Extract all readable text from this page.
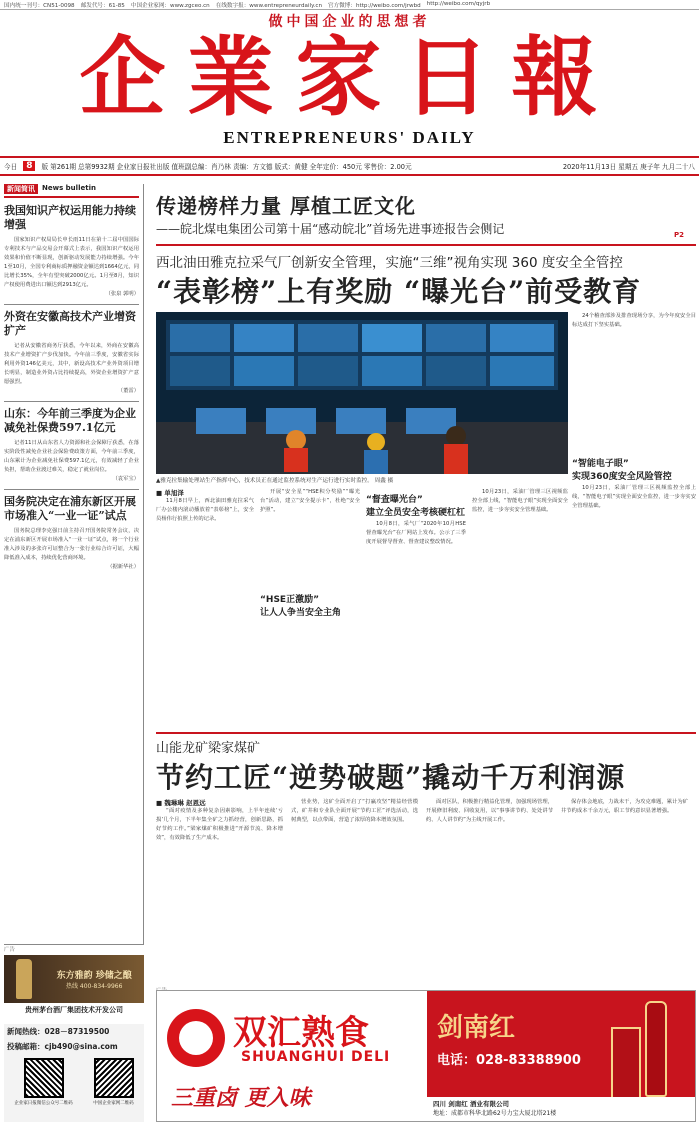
国内统一刊号：CN51-0098 邮发代号：61-85 中国企业家网：www.zgceo.cn 在线数字报：www.entrepreneurdaily.cn 官方微博：http://weibo.com/jrwbd http://weibo.com/qyjrb
做中国企业的思想者
企業家日報
ENTREPRENEURS' DAILY
今日	8	版 第261期 总第9932期 企业家日报社出版 值班副总编：肖乃林 责编：方文德 版式：黄健 全年定价：450元 零售价：2.00元	2020年11月13日 星期五 庚子年 九月二十八
新闻简讯	News bulletin
我国知识产权运用能力持续增强
国家知识产权局局长申长雨11日在第十二届中国国际专利技术与产品交易会开幕式上表示，我国知识产权运用效果和价值不断显现，创新驱动发展能力持续增强。今年1至10月，全国专利商标质押融资金额达到1664亿元，同比增长35%，全年有望突破2000亿元。1月至8月，知识产权使用费进出口额达到2913亿元。
（张泉 郭明）
外资在安徽高技术产业增资扩产
记者从安徽省商务厅获悉，今年以来，外商在安徽高技术产业增资扩产步伐加快。今年前三季度，安徽省实际利用外资146亿美元，其中，新设高技术产业外资项目增长明显，制造业外资占比持续提高，外资企业增资扩产意愿强烈。
（董雷）
山东：今年前三季度为企业减免社保费597.1亿元
记者11日从山东省人力资源和社会保障厅获悉，在落实阶段性减免企业社会保险费政策方面，今年前三季度，山东累计为企业减免社保费597.1亿元，有效减轻了企业负担，帮助企业渡过难关，稳定了就业岗位。
（袁军宝）
国务院决定在浦东新区开展市场准入“一业一证”试点
国务院总理李克强日前主持召开国务院常务会议，决定在浦东新区开展市场准入“一业一证”试点，将一个行业准入涉及的多张许可证整合为一张行业综合许可证，大幅降低准入成本，持续优化营商环境。
（据新华社）
广告
东方雅韵 珍储之酿
热线 400-834-9966
贵州茅台酒厂集团技术开发公司
新闻热线：028－87319500
投稿邮箱：cjb490@sina.com
企业家日报微信公众号二维码	中国企业家网二维码
传递榜样力量 厚植工匠文化
——皖北煤电集团公司第十届“感动皖北”首场先进事迹报告会侧记	P2
西北油田雅克拉采气厂创新安全管理，实施“三维”视角实现 360 度安全全管控
“表彰榜”上有奖励 “曝光台”前受教育
▲雅克拉集输处理站生产指挥中心，技术员正在通过监控系统对生产运行进行实时监控。 周鑫 摄
■ 单旭泽
11月8日早上，西北油田雅克拉采气厂办公楼内滚动播放着“表彰榜”上，安全员杨伟行拍照上传的记录。
开展“安全星”“HSE积分奖励”“曝光台”活动，建立“安全提示卡”，杜绝“安全护照”。
“HSE正激励”
让人人争当安全主角
“督查曝光台”
建立全员安全考核硬杠杠
10月8日，采气厂“2020年10月HSE督查曝光台”在厂网站上发布。公示了三季度开展督导督查、督查建议整改情况。
10月23日，采油厂管理三区视频监控全部上线，“智能电子眼”实现全面安全监控，进一步夯实安全管理基础。
24个稽查部涉及排查现场分享，为今年度安全目标达成打下坚实基础。
“智能电子眼”
实现360度安全风险管控
10月23日，采油厂管理三区视频监控全部上线，“智能电子眼”实现全面安全监控，进一步夯实安全管理基础。
山能龙矿梁家煤矿
节约工匠“逆势破题”撬动千万利润源
■ 魏琳琳 赵恩远
“面对疫情及多种复杂因素影响，上半年连续‘亏损’几个月，下半年集全矿之力抓经营，创新思路，抓好节约工作。”梁家煤矿积极推进“开源节流、降本增效”，有效降低了生产成本。
营业势，这矿全面开启了“打赢攻坚”精益经营模式，矿井和专业队全面开展“节约工匠”评选活动，选树典型，以点带面，营造了浓厚的降本增效氛围。
面对区队，积极推行精益化管理，加强现场管理，开展修旧利废、回收复用，以“事事讲节约、处处讲节约、人人讲节约”为主线开展工作。
保存体会地底，力战未干，为攻克难题，累计为矿井节约成本千余万元，职工节约意识显著增强。
双汇熟食
SHUANGHUI DELI
三重卤 更入味
剑南红
电话：028-83388900
四川 剑南红 酒业有限公司
地址：成都市科华北路62号力宝大厦北塔21楼
